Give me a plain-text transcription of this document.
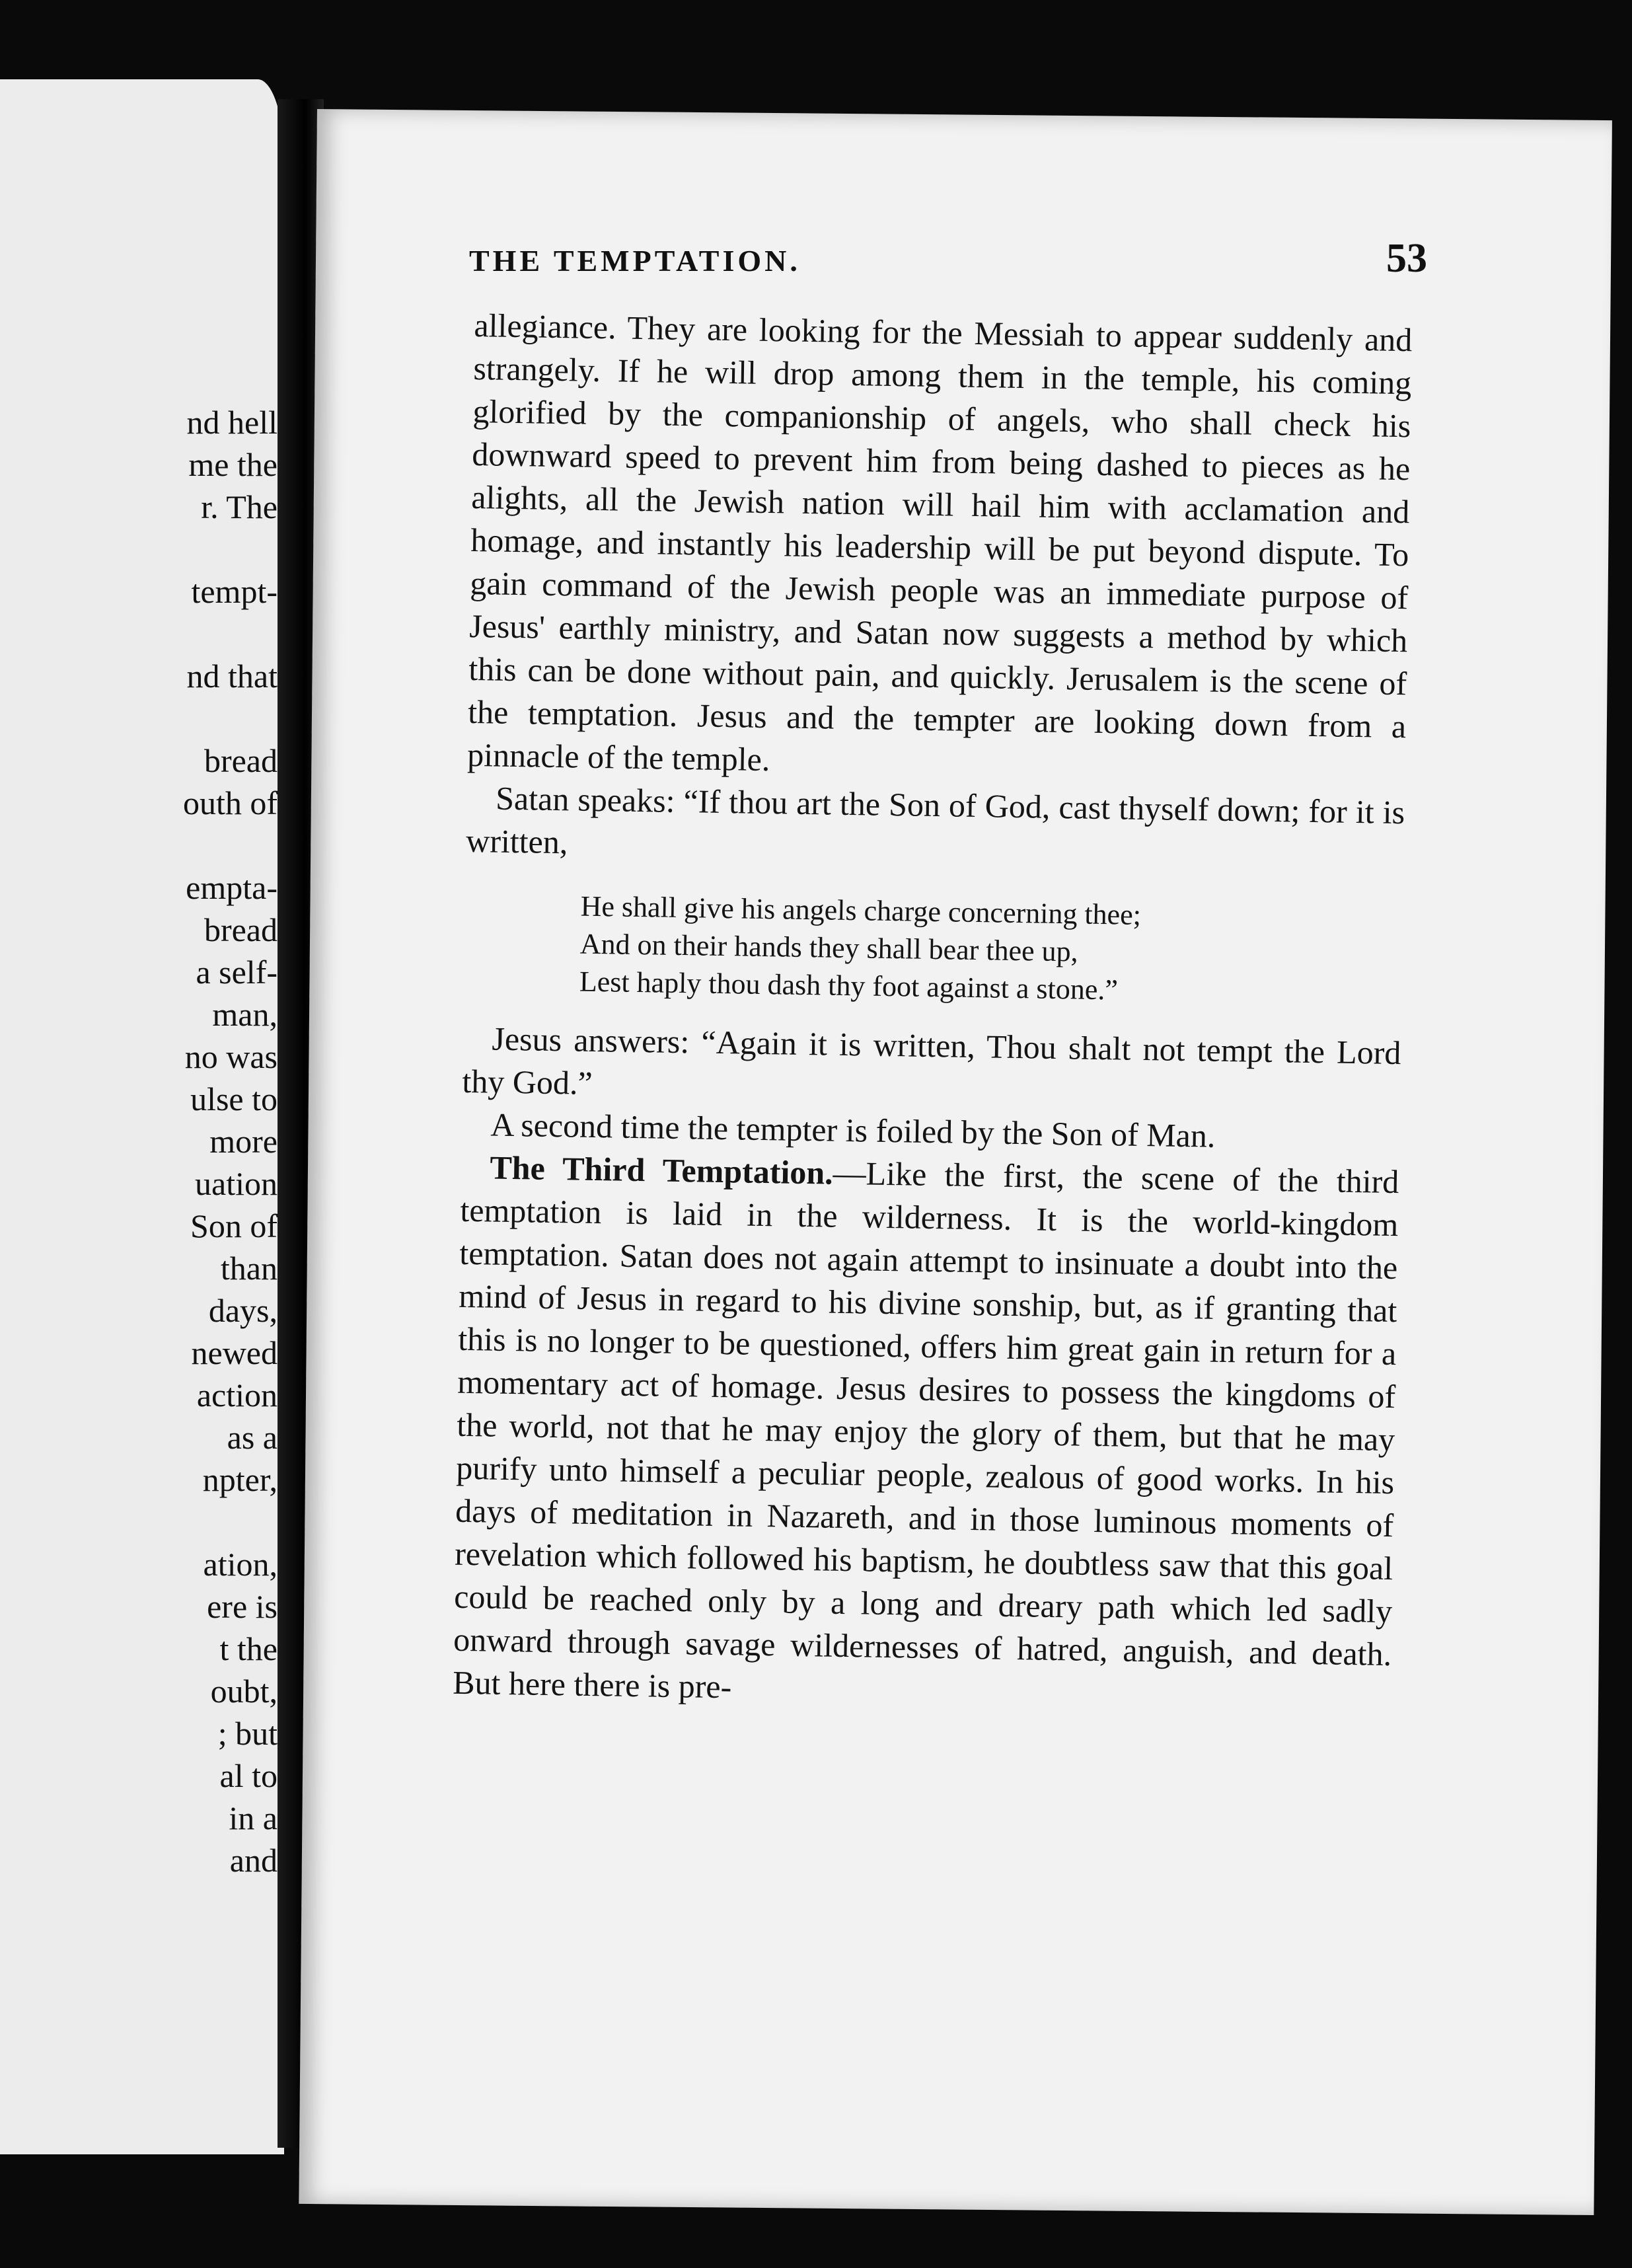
nd hell
me the
r. The
tempt-
nd that
bread
outh of
empta-
bread
a self-
man,
no was
ulse to
more
uation
Son of
than
days,
newed
action
as a
npter,
ation,
ere is
t the
oubt,
; but
al to
in a
and
THE TEMPTATION.	53

allegiance. They are looking for the Messiah to appear suddenly and strangely. If he will drop among them in the temple, his coming glorified by the companionship of angels, who shall check his downward speed to prevent him from being dashed to pieces as he alights, all the Jewish nation will hail him with acclamation and homage, and instantly his leadership will be put beyond dispute. To gain command of the Jewish people was an immediate purpose of Jesus' earthly ministry, and Satan now suggests a method by which this can be done without pain, and quickly. Jerusalem is the scene of the temptation. Jesus and the tempter are looking down from a pinnacle of the temple.

Satan speaks: “If thou art the Son of God, cast thyself down; for it is written,

He shall give his angels charge concerning thee;
And on their hands they shall bear thee up,
Lest haply thou dash thy foot against a stone.”

Jesus answers: “Again it is written, Thou shalt not tempt the Lord thy God.”

A second time the tempter is foiled by the Son of Man.

The Third Temptation.—Like the first, the scene of the third temptation is laid in the wilderness. It is the world-kingdom temptation. Satan does not again attempt to insinuate a doubt into the mind of Jesus in regard to his divine sonship, but, as if granting that this is no longer to be questioned, offers him great gain in return for a momentary act of homage. Jesus desires to possess the kingdoms of the world, not that he may enjoy the glory of them, but that he may purify unto himself a peculiar people, zealous of good works. In his days of meditation in Nazareth, and in those luminous moments of revelation which followed his baptism, he doubtless saw that this goal could be reached only by a long and dreary path which led sadly onward through savage wildernesses of hatred, anguish, and death. But here there is pre-
